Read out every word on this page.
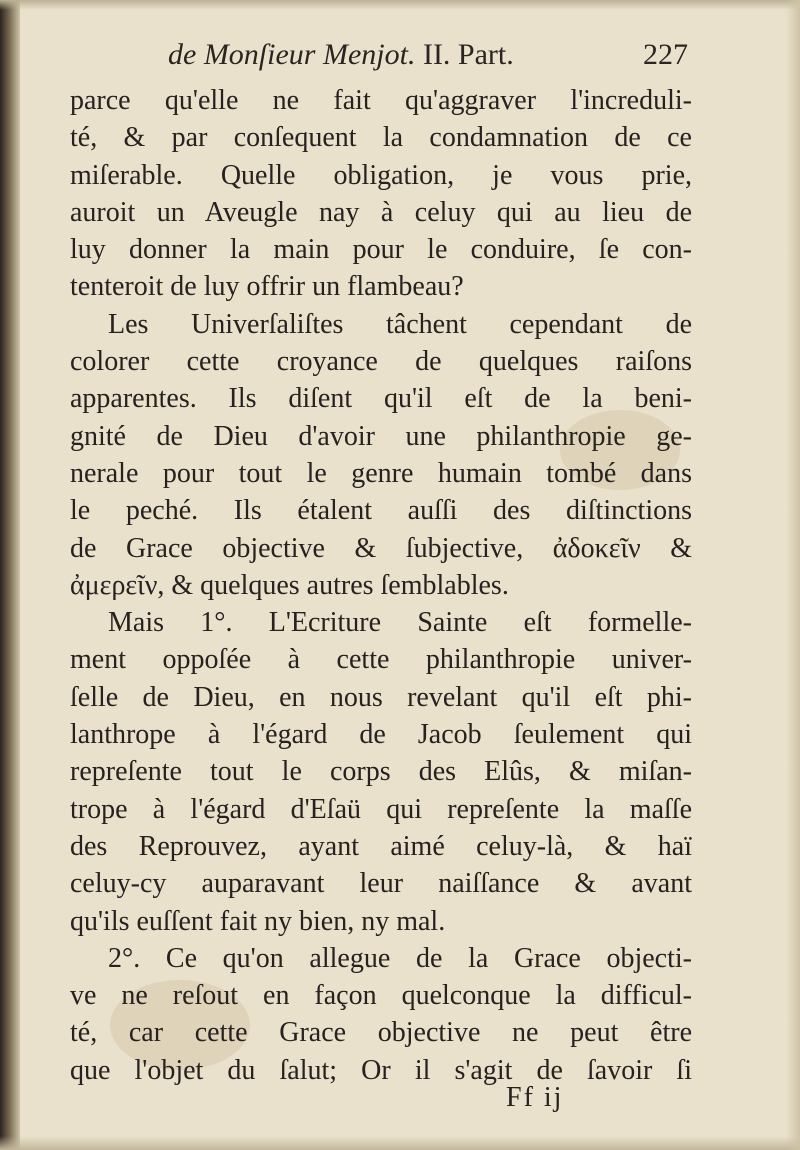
de Monſieur Menjot. II. Part.	227
parce qu'elle ne fait qu'aggraver l'increduli-
té, & par conſequent la condamnation de ce
miſerable. Quelle obligation, je vous prie,
auroit un Aveugle nay à celuy qui au lieu de
luy donner la main pour le conduire, ſe con-
tenteroit de luy offrir un flambeau?
Les Univerſaliſtes tâchent cependant de
colorer cette croyance de quelques raiſons
apparentes. Ils diſent qu'il eſt de la beni-
gnité de Dieu d'avoir une philanthropie ge-
nerale pour tout le genre humain tombé dans
le peché. Ils étalent auſſi des diſtinctions
de Grace objective & ſubjective, ἀδοκεῖν &
ἀμερεῖν, & quelques autres ſemblables.
Mais 1°. L'Ecriture Sainte eſt formelle-
ment oppoſée à cette philanthropie univer-
ſelle de Dieu, en nous revelant qu'il eſt phi-
lanthrope à l'égard de Jacob ſeulement qui
repreſente tout le corps des Elûs, & miſan-
trope à l'égard d'Eſaü qui repreſente la maſſe
des Reprouvez, ayant aimé celuy-là, & haï
celuy-cy auparavant leur naiſſance & avant
qu'ils euſſent fait ny bien, ny mal.
2°. Ce qu'on allegue de la Grace objecti-
ve ne reſout en façon quelconque la difficul-
té, car cette Grace objective ne peut être
que l'objet du ſalut; Or il s'agit de ſavoir ſi
Ff ij
